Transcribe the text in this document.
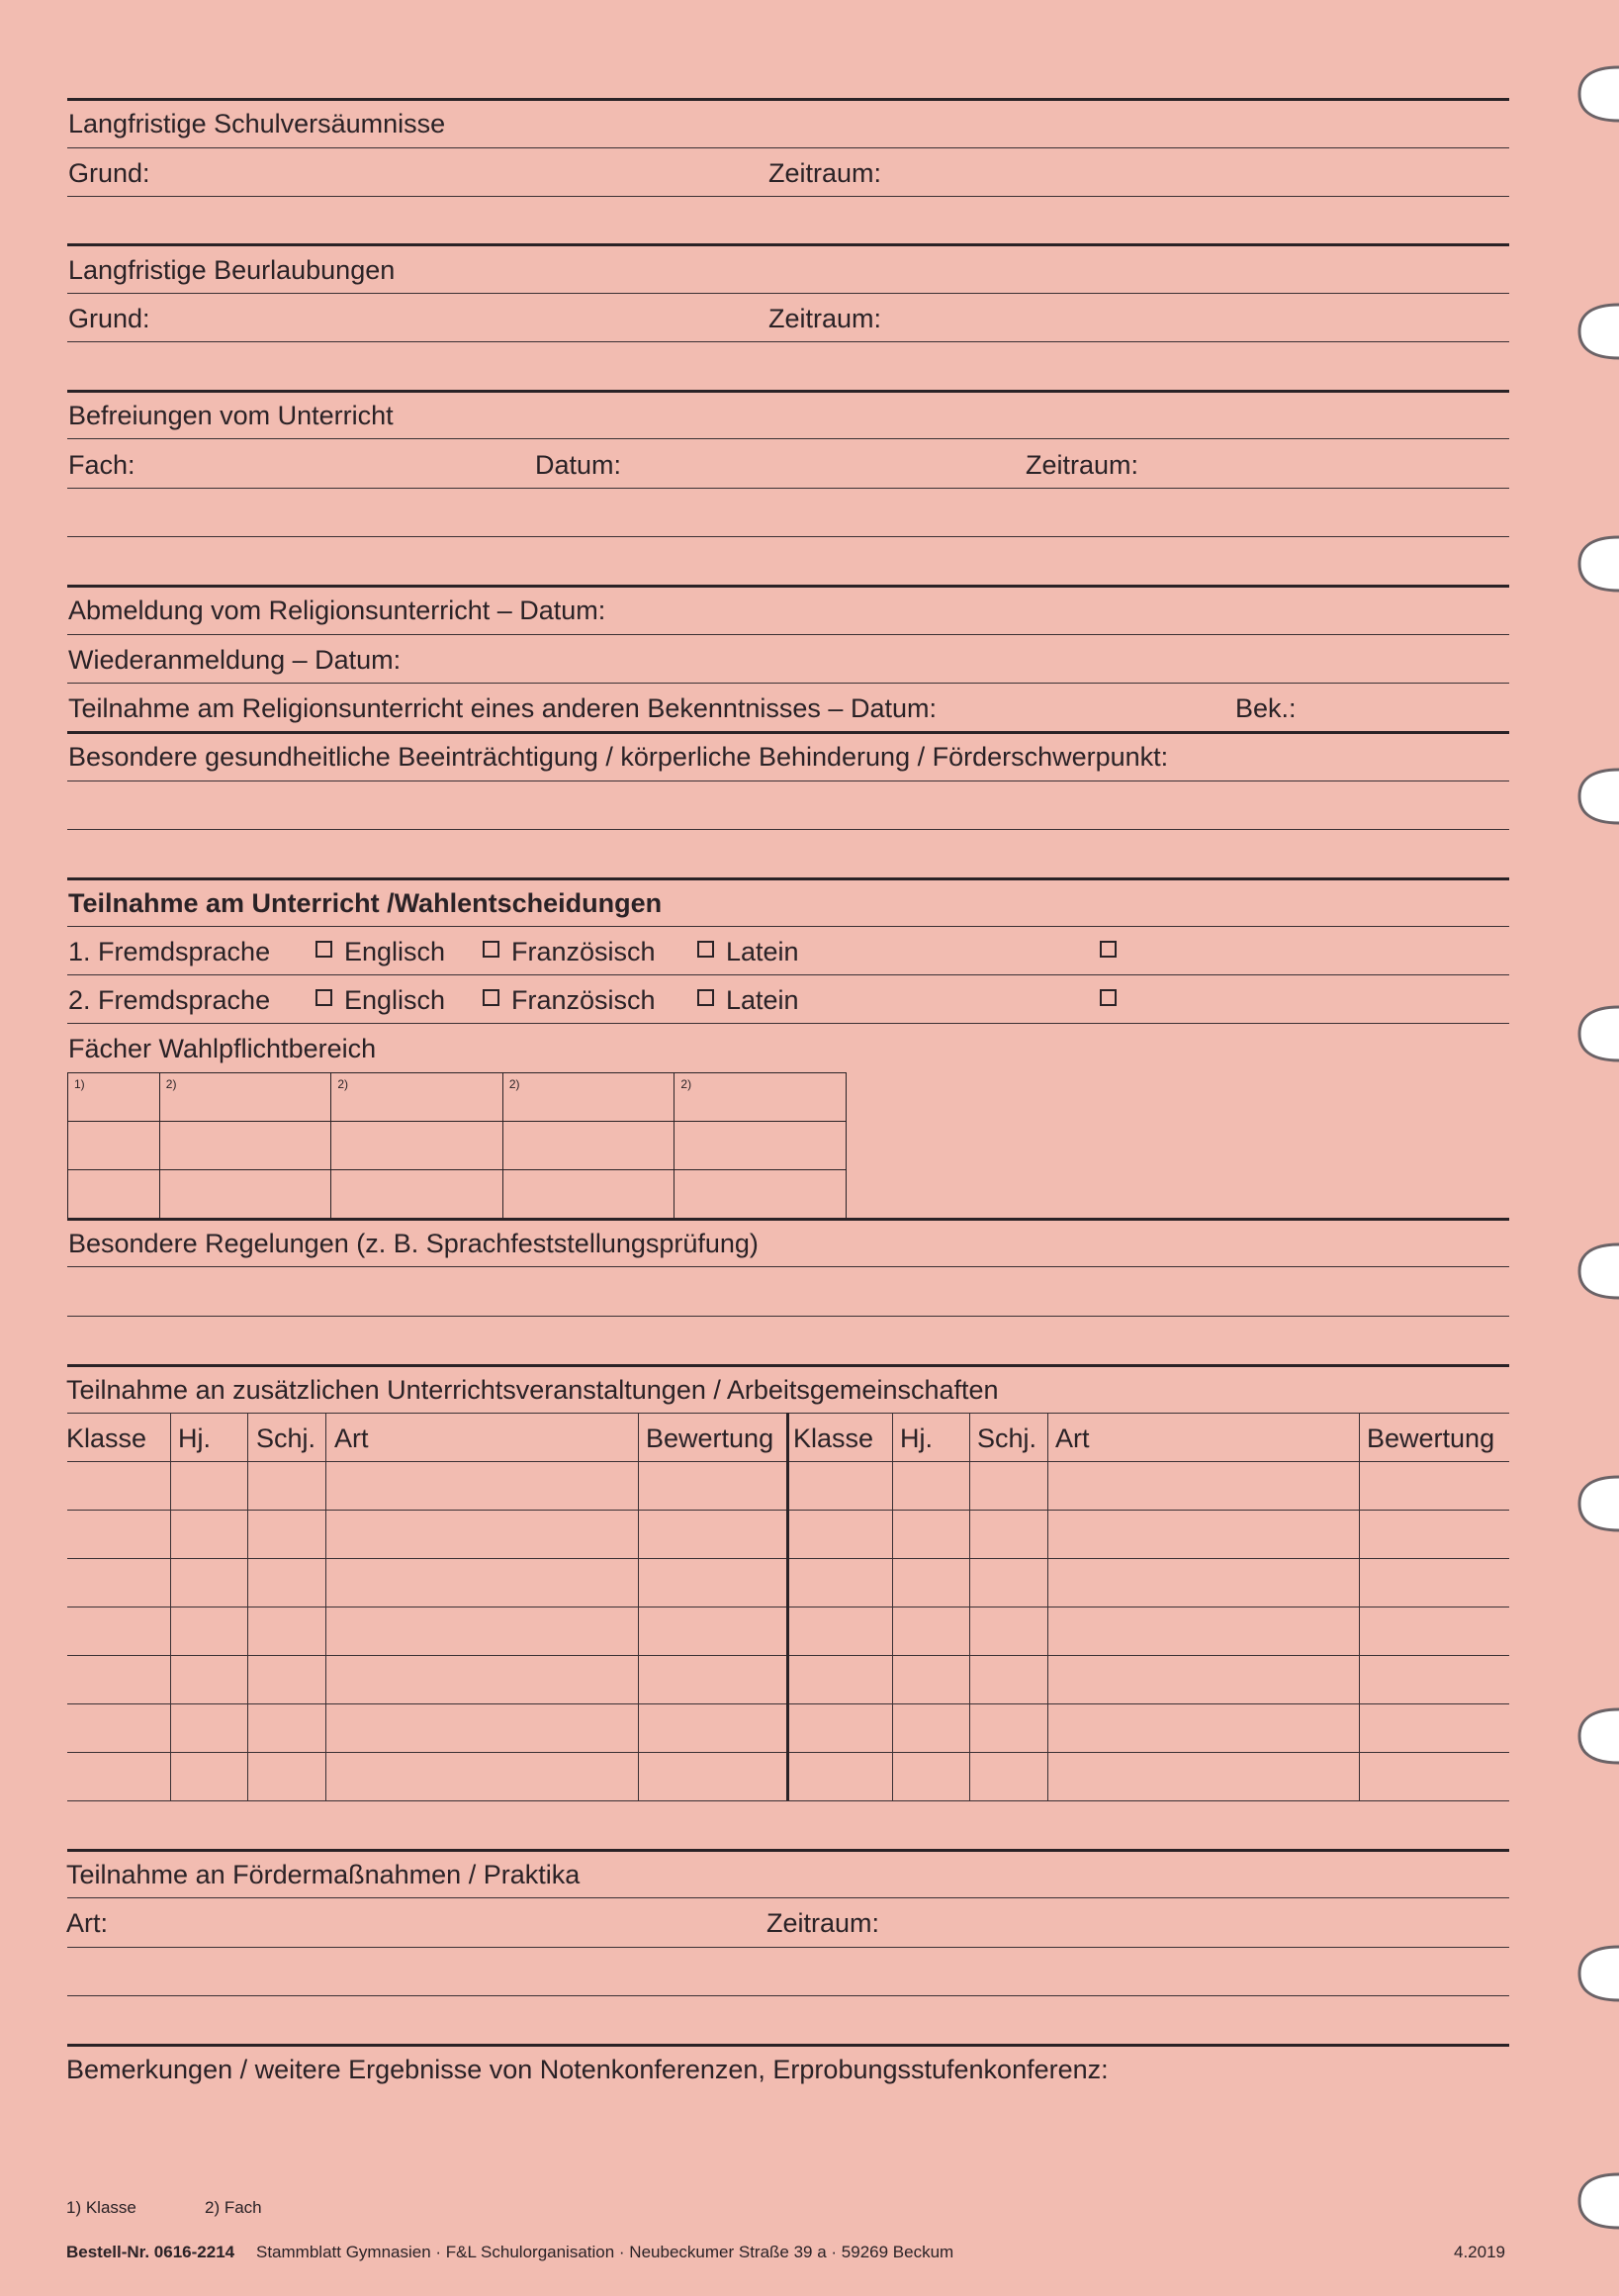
Langfristige Schulversäumnisse
Grund:	Zeitraum:
Langfristige Beurlaubungen
Grund:	Zeitraum:
Befreiungen vom Unterricht
Fach:	Datum:	Zeitraum:
Abmeldung vom Religionsunterricht – Datum:
Wiederanmeldung – Datum:
Teilnahme am Religionsunterricht eines anderen Bekenntnisses – Datum:	Bek.:
Besondere gesundheitliche Beeinträchtigung / körperliche Behinderung / Förderschwerpunkt:
Teilnahme am Unterricht /Wahlentscheidungen
1. Fremdsprache	Englisch Französisch	Latein
2. Fremdsprache	Englisch Französisch	Latein
Fächer Wahlpflichtbereich
1)	2)	2)	2)	2)

Besondere Regelungen (z. B. Sprachfeststellungsprüfung)
Teilnahme an zusätzlichen Unterrichtsveranstaltungen / Arbeitsgemeinschaften
Klasse Hj. Schj. Art	Bewertung Klasse Hj. Schj. Art	Bewertung
Teilnahme an Fördermaßnahmen / Praktika
Art:	Zeitraum:
Bemerkungen / weitere Ergebnisse von Notenkonferenzen, Erprobungsstufenkonferenz:
1) Klasse	2) Fach
Bestell-Nr. 0616-2214 Stammblatt Gymnasien · F&L Schulorganisation · Neubeckumer Straße 39 a · 59269 Beckum	4.2019
